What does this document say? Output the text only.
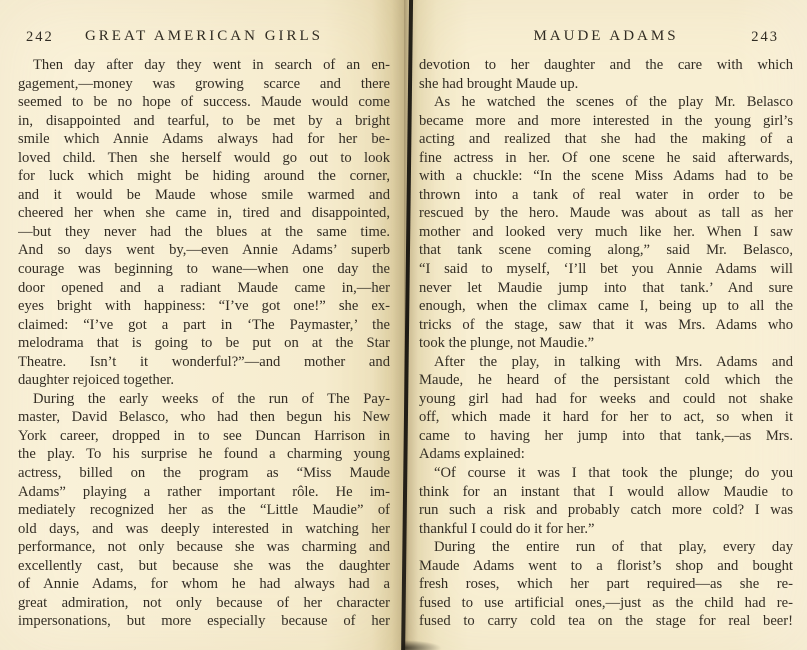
242	GREAT AMERICAN GIRLS
Then day after day they went in search of an en-
gagement,—money was growing scarce and there
seemed to be no hope of success. Maude would come
in, disappointed and tearful, to be met by a bright
smile which Annie Adams always had for her be-
loved child. Then she herself would go out to look
for luck which might be hiding around the corner,
and it would be Maude whose smile warmed and
cheered her when she came in, tired and disappointed,
—but they never had the blues at the same time.
And so days went by,—even Annie Adams’ superb
courage was beginning to wane—when one day the
door opened and a radiant Maude came in,—her
eyes bright with happiness: “I’ve got one!” she ex-
claimed: “I’ve got a part in ‘The Paymaster,’ the
melodrama that is going to be put on at the Star
Theatre. Isn’t it wonderful?”—and mother and
daughter rejoiced together.
During the early weeks of the run of The Pay-
master, David Belasco, who had then begun his New
York career, dropped in to see Duncan Harrison in
the play. To his surprise he found a charming young
actress, billed on the program as “Miss Maude
Adams” playing a rather important rôle. He im-
mediately recognized her as the “Little Maudie” of
old days, and was deeply interested in watching her
performance, not only because she was charming and
excellently cast, but because she was the daughter
of Annie Adams, for whom he had always had a
great admiration, not only because of her character
impersonations, but more especially because of her
MAUDE ADAMS	243
devotion to her daughter and the care with which
she had brought Maude up.
As he watched the scenes of the play Mr. Belasco
became more and more interested in the young girl’s
acting and realized that she had the making of a
fine actress in her. Of one scene he said afterwards,
with a chuckle: “In the scene Miss Adams had to be
thrown into a tank of real water in order to be
rescued by the hero. Maude was about as tall as her
mother and looked very much like her. When I saw
that tank scene coming along,” said Mr. Belasco,
“I said to myself, ‘I’ll bet you Annie Adams will
never let Maudie jump into that tank.’ And sure
enough, when the climax came I, being up to all the
tricks of the stage, saw that it was Mrs. Adams who
took the plunge, not Maudie.”
After the play, in talking with Mrs. Adams and
Maude, he heard of the persistant cold which the
young girl had had for weeks and could not shake
off, which made it hard for her to act, so when it
came to having her jump into that tank,—as Mrs.
Adams explained:
“Of course it was I that took the plunge; do you
think for an instant that I would allow Maudie to
run such a risk and probably catch more cold? I was
thankful I could do it for her.”
During the entire run of that play, every day
Maude Adams went to a florist’s shop and bought
fresh roses, which her part required—as she re-
fused to use artificial ones,—just as the child had re-
fused to carry cold tea on the stage for real beer!
